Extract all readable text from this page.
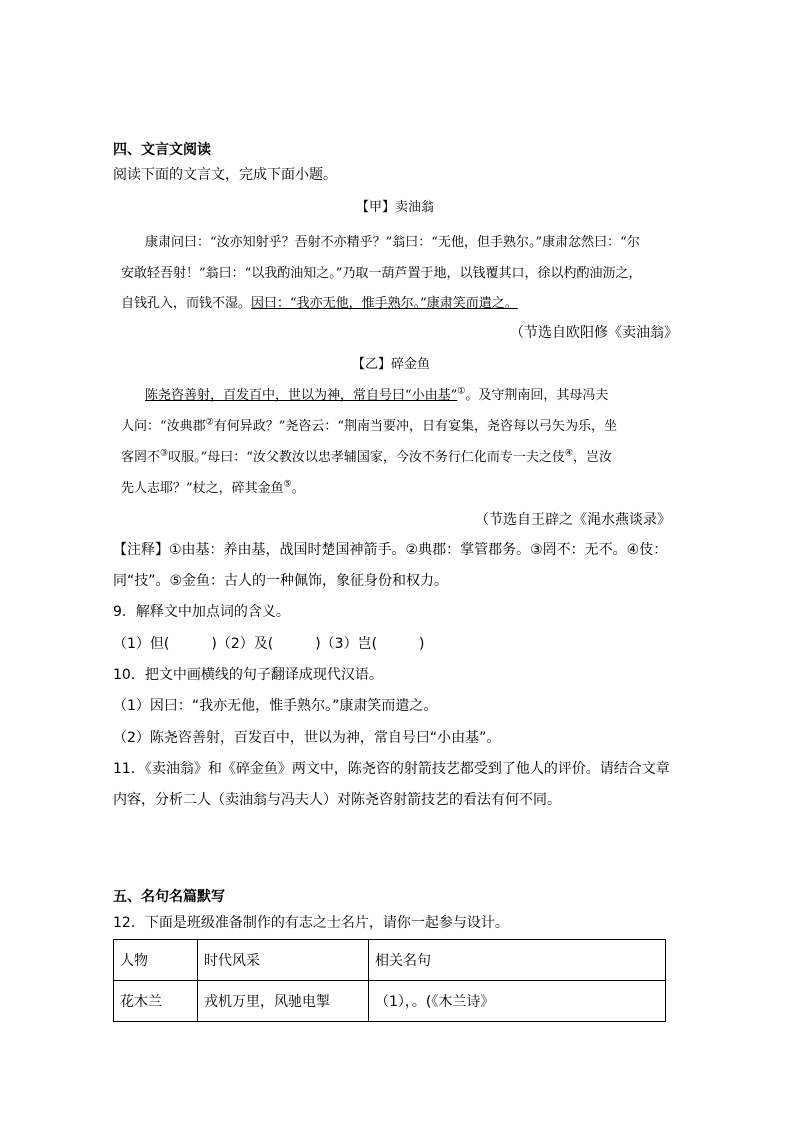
四、文言文阅读
阅读下面的文言文，完成下面小题。
【甲】卖油翁
康肃问曰：“汝亦知射乎？吾射不亦精乎？”翁曰：“无他，但手熟尔。”康肃忿然曰：“尔
安敢轻吾射！”翁曰：“以我酌油知之。”乃取一葫芦置于地，以钱覆其口，徐以杓酌油沥之，
自钱孔入，而钱不湿。因曰：“我亦无他，惟手熟尔。”康肃笑而遣之。
（节选自欧阳修《卖油翁》
【乙】碎金鱼
陈尧咨善射，百发百中，世以为神，常自号曰“小由基”①。及守荆南回，其母冯夫
人问：“汝典郡②有何异政？”尧咨云：“荆南当要冲，日有宴集，尧咨每以弓矢为乐，坐
客罔不③叹服。”母曰：“汝父教汝以忠孝辅国家，今汝不务行仁化而专一夫之伎④，岂汝
先人志耶？”杖之，碎其金鱼⑤。
（节选自王辟之《渑水燕谈录》
【注释】①由基：养由基，战国时楚国神箭手。②典郡：掌管郡务。③罔不：无不。④伎：
同“技”。⑤金鱼：古人的一种佩饰，象征身份和权力。
9．解释文中加点词的含义。
（1）但(　　　)（2）及(　　　)（3）岂(　　　)
10．把文中画横线的句子翻译成现代汉语。
（1）因曰：“我亦无他，惟手熟尔。”康肃笑而遣之。
（2）陈尧咨善射，百发百中，世以为神，常自号曰“小由基”。
11．《卖油翁》和《碎金鱼》两文中，陈尧咨的射箭技艺都受到了他人的评价。请结合文章
内容，分析二人（卖油翁与冯夫人）对陈尧咨射箭技艺的看法有何不同。
五、名句名篇默写
12．下面是班级准备制作的有志之士名片，请你一起参与设计。
人物	时代风采	相关名句
花木兰	戎机万里，风驰电掣	（1），。(《木兰诗》
